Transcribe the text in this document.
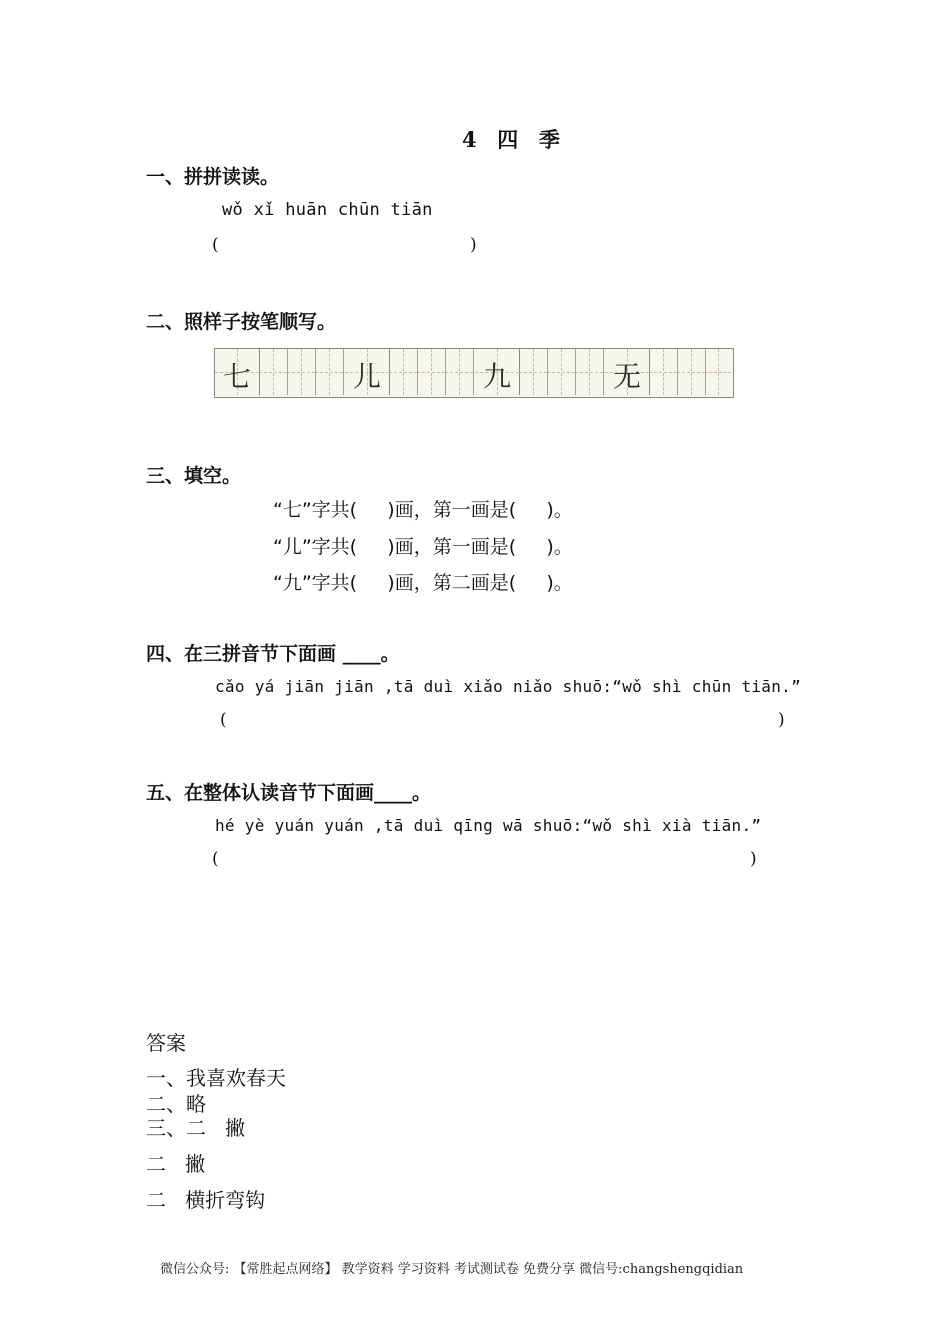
4  四  季
一、拼拼读读。
wǒ xǐ huān chūn tiān
(	)
二、照样子按笔顺写。
七	儿	九	无
三、填空。
“七”字共(     )画，第一画是(     )。
“儿”字共(     )画，第一画是(     )。
“九”字共(     )画，第二画是(     )。
四、在三拼音节下面画 ____。
cǎo yá jiān jiān ,tā duì xiǎo niǎo shuō:“wǒ shì chūn tiān.”
(	)
五、在整体认读音节下面画____。
hé yè yuán yuán ,tā duì qīng wā shuō:“wǒ shì xià tiān.”
(	)
答案
一、我喜欢春天
二、略
三、二   撇
二   撇
二   横折弯钩
微信公众号: 【常胜起点网络】 教学资料 学习资料 考试测试卷 免费分享 微信号:changshengqidian
